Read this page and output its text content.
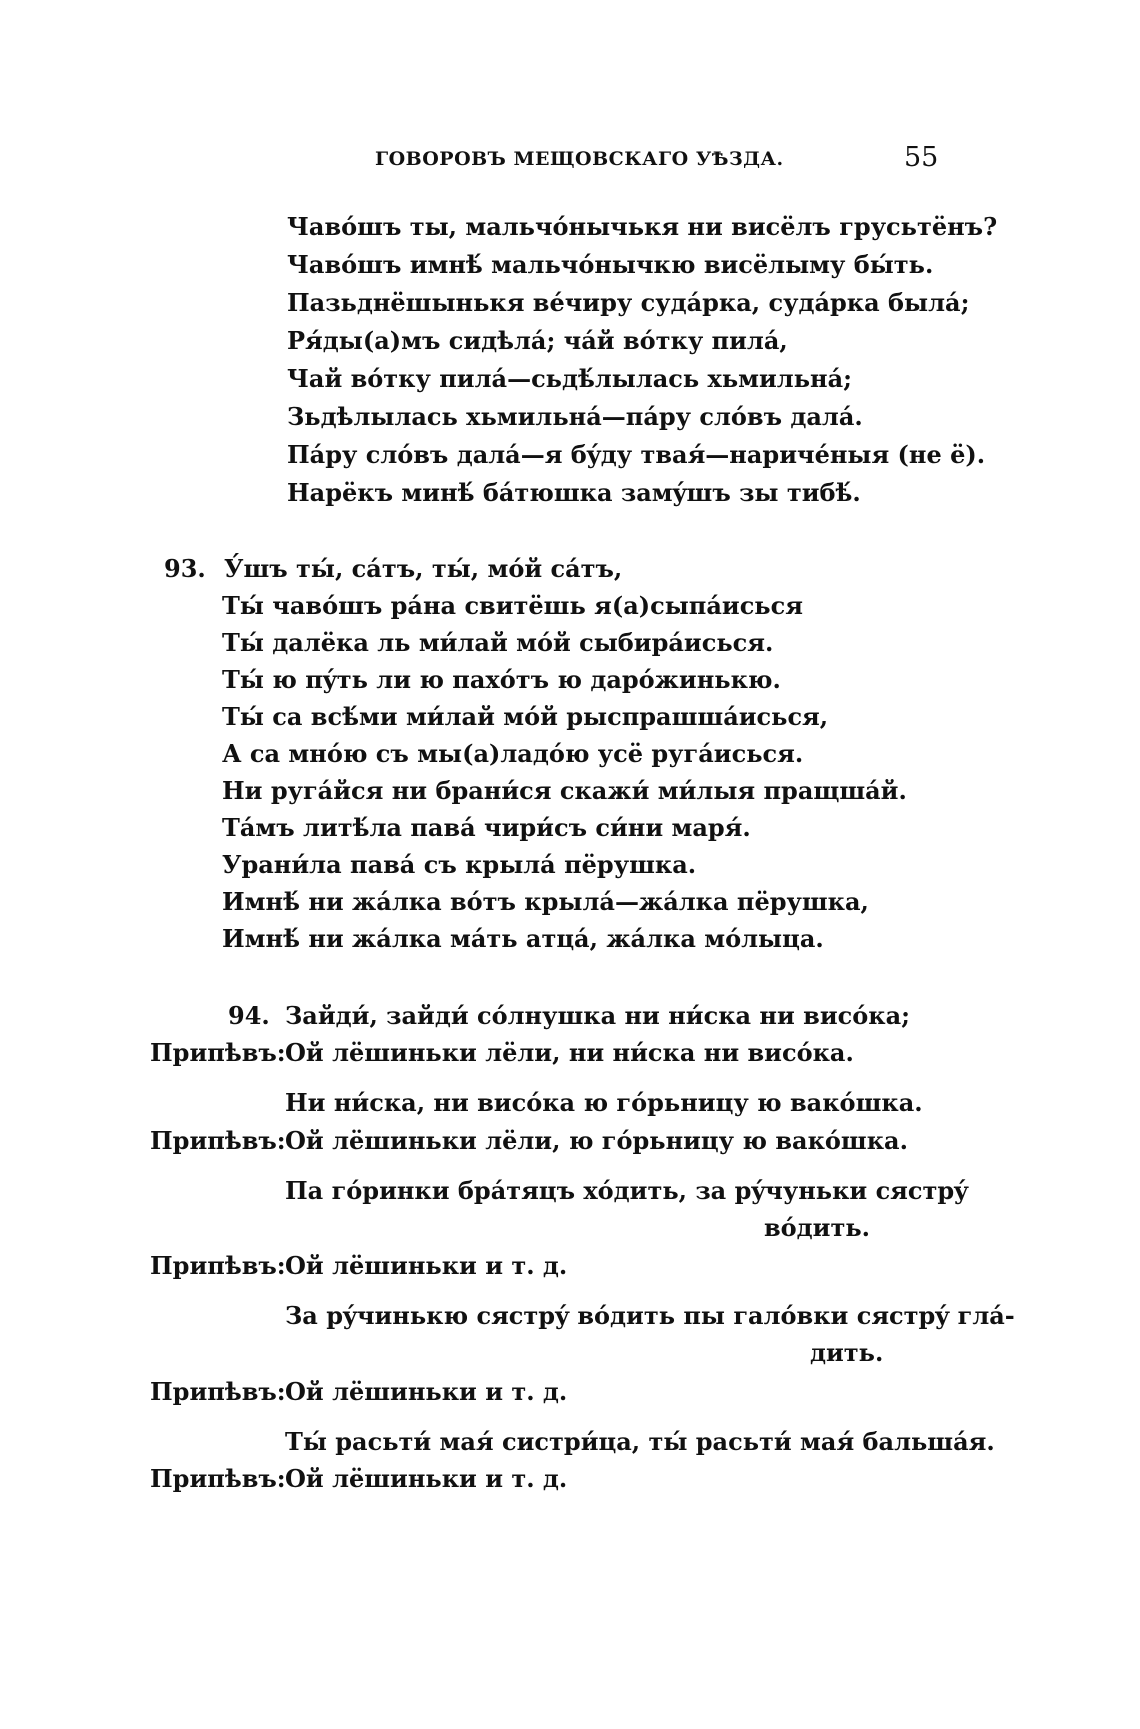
ГОВОРОВЪ МЕЩОВСКАГО УѢЗДА.	55
Чавóшъ ты, мальчóнычькя ни висёлъ грусьтёнъ?
Чавóшъ имнѣ́ мальчóнычкю висёлыму бы́ть.
Пазьднёшынькя вéчиру судáрка, судáрка былá;
Ря́ды(а)мъ сидѣлá; чáй вóтку пилá,
Чай вóтку пилá—сьдѣ́лылась хьмильнá;
Зьдѣлылась хьмильнá—пáру слóвъ далá.
Пáру слóвъ далá—я бýду твая́—наричéныя (не ё).
Нарёкъ минѣ́ бáтюшка замýшъ зы тибѣ́.
93. У́шъ ты́, сáтъ, ты́, мóй сáтъ,
Ты́ чавóшъ рáна свитёшь я(а)сыпáисься
Ты́ далёка ль ми́лай мóй сыбирáисься.
Ты́ ю пýть ли ю пахóтъ ю дарóжинькю.
Ты́ са всѣ́ми ми́лай мóй рыспрашшáисься,
А са мнóю съ мы(а)ладóю усё ругáисься.
Ни ругáйся ни брани́ся скажи́ ми́лыя пращшáй.
Тáмъ литѣ́ла павá чири́съ си́ни маря́.
Урани́ла павá съ крылá пёрушка.
Имнѣ́ ни жáлка вóтъ крылá—жáлка пёрушка,
Имнѣ́ ни жáлка мáть атцá, жáлка мóлыца.
94. Зайди́, зайди́ сóлнушка ни ни́ска ни висóка;
Припѣвъ: Ой лёшиньки лёли, ни ни́ска ни висóка.
Ни ни́ска, ни висóка ю гóрьницу ю вакóшка.
Припѣвъ: Ой лёшиньки лёли, ю гóрьницу ю вакóшка.
Па гóринки брáтяцъ хóдить, за рýчуньки сястрý
вóдить.
Припѣвъ: Ой лёшиньки и т. д.
За рýчинькю сястрý вóдить пы галóвки сястрý глá-
дить.
Припѣвъ: Ой лёшиньки и т. д.
Ты́ расьти́ мая́ систри́ца, ты́ расьти́ мая́ бальшáя.
Припѣвъ: Ой лёшиньки и т. д.
